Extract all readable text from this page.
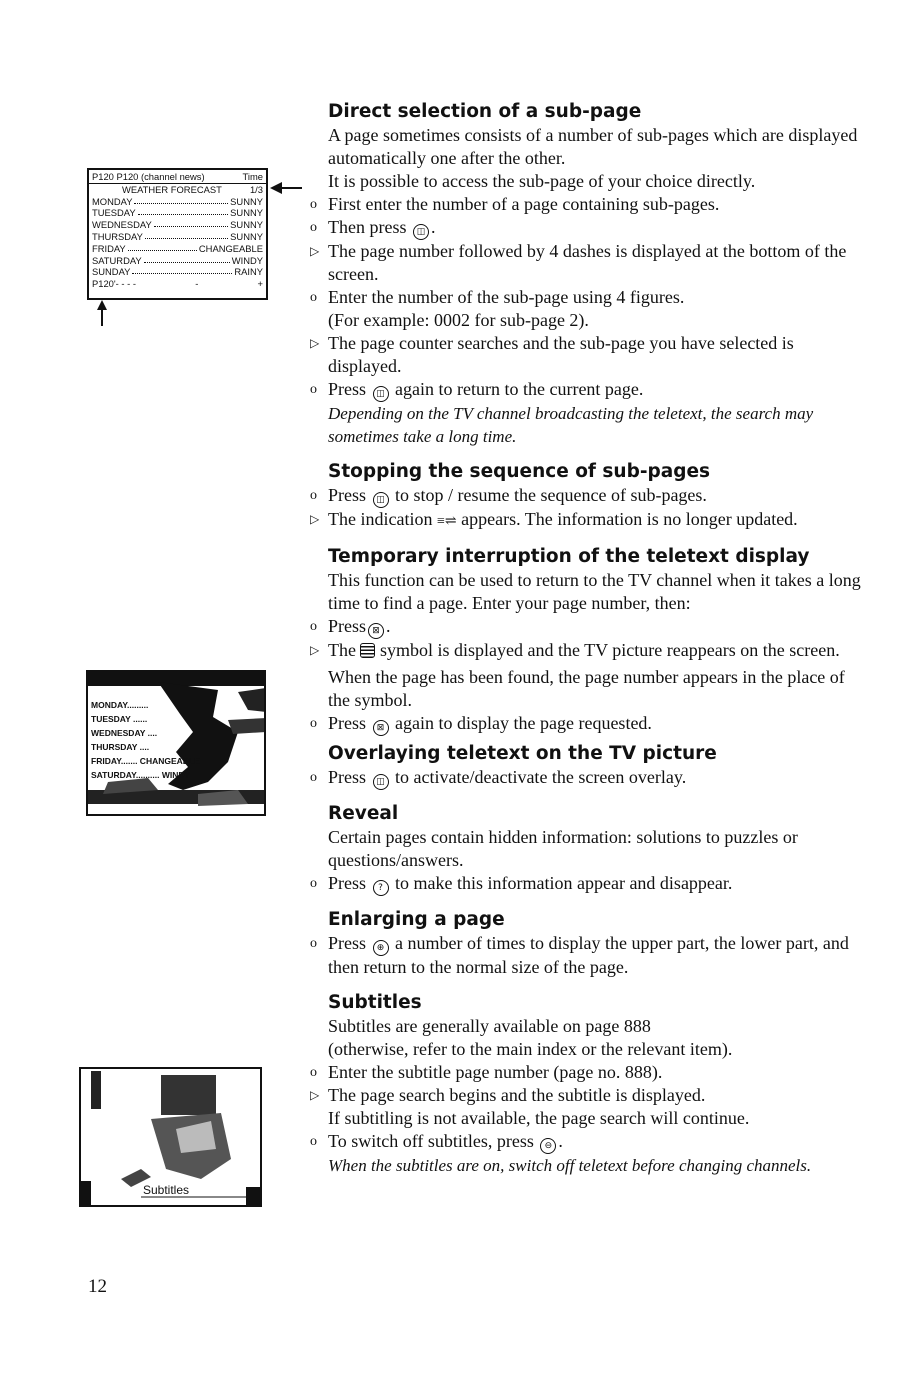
P120 P120 (channel news)	Time
WEATHER FORECAST	1/3
MONDAY	SUNNY
TUESDAY	SUNNY
WEDNESDAY	SUNNY
THURSDAY	SUNNY
FRIDAY	CHANGEABLE
SATURDAY	WINDY
SUNDAY	RAINY
P120'- - - -	-	+
MONDAY.........
TUESDAY ......
WEDNESDAY ....
THURSDAY ....
FRIDAY....... CHANGEABLE
SATURDAY.......... WINDY
Subtitles
Direct selection of a sub-page

A page sometimes consists of a number of sub-pages which are displayed automatically one after the other.

It is possible to access the sub-page of your choice directly.

o First enter the number of a page containing sub-pages.
o Then press ◫ .
▷ The page number followed by 4 dashes is displayed at the bottom of the screen.
o Enter the number of the sub-page using 4 figures.

(For example: 0002 for sub-page 2).

▷ The page counter searches and the sub-page you have selected is displayed.
o Press ◫ again to return to the current page.

Depending on the TV channel broadcasting the teletext, the search may sometimes take a long time.

Stopping the sequence of sub-pages
o Press ◫ to stop / resume the sequence of sub-pages.
▷ The indication ≡⇌ appears. The information is no longer updated.
Temporary interruption of the teletext display

This function can be used to return to the TV channel when it takes a long time to find a page. Enter your page number, then:

o Press ⊠ .
▷ The symbol is displayed and the TV picture reappears on the screen.

When the page has been found, the page number appears in the place of the symbol.

o Press ⊠ again to display the page requested.
Overlaying teletext on the TV picture
o Press ◫ to activate/deactivate the screen overlay.
Reveal

Certain pages contain hidden information: solutions to puzzles or questions/answers.

o Press ? to make this information appear and disappear.
Enlarging a page
o Press ⊕ a number of times to display the upper part, the lower part, and then return to the normal size of the page.
Subtitles

Subtitles are generally available on page 888

(otherwise, refer to the main index or the relevant item).

o Enter the subtitle page number (page no. 888).
▷ The page search begins and the subtitle is displayed.

If subtitling is not available, the page search will continue.

o To switch off subtitles, press ⊖ .

When the subtitles are on, switch off teletext before changing channels.

12
